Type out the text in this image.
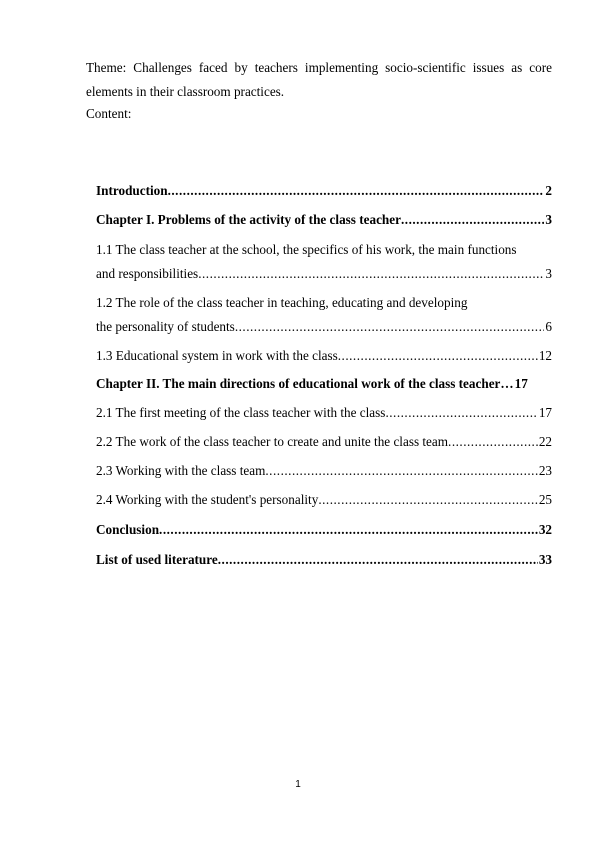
Theme: Challenges faced by teachers implementing socio-scientific issues as core elements in their classroom practices.
Content:
Introduction .....	2
Chapter I. Problems of the activity of the class teacher .....	3
1.1 The class teacher at the school, the specifics of his work, the main functions
and responsibilities .....	3
1.2 The role of the class teacher in teaching, educating and developing
the personality of students .....	6
1.3 Educational system in work with the class .....	12
Chapter II. The main directions of educational work of the class teacher… 17
2.1 The first meeting of the class teacher with the class .....	17
2.2 The work of the class teacher to create and unite the class team .....	22
2.3 Working with the class team .....	23
2.4 Working with the student's personality .....	25
Conclusion .....	32
List of used literature .....	33
1
